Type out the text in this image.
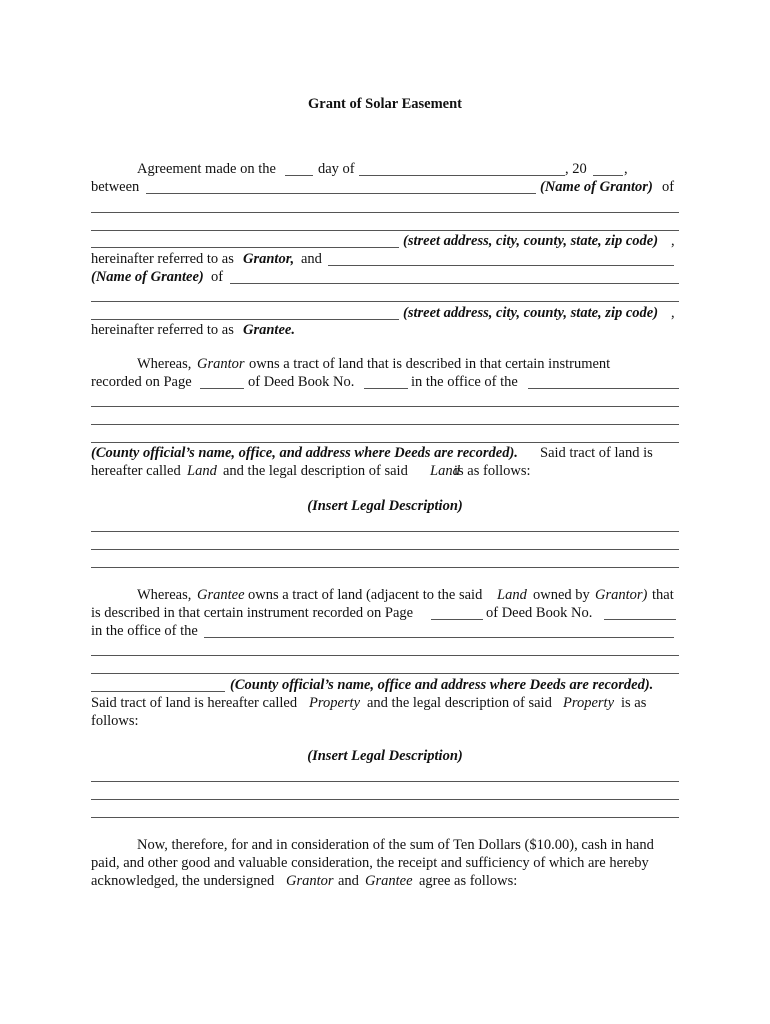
Grant of Solar Easement
Agreement made on the	day of	, 20	,
between	(Name of Grantor) of
(street address, city, county, state, zip code) ,
hereinafter referred to as Grantor, and
(Name of Grantee) of
(street address, city, county, state, zip code) ,
hereinafter referred to as Grantee.
Whereas, Grantor owns a tract of land that is described in that certain instrument
recorded on Page	of Deed Book No.	in the office of the
(County official’s name, office, and address where Deeds are recorded). Said tract of land is
hereafter called Land and the legal description of said Land
is as follows:
(Insert Legal Description)
Whereas, Grantee owns a tract of land (adjacent to the said Land owned by Grantor) that
is described in that certain instrument recorded on Page	of Deed Book No.
in the office of the
(County official’s name, office and address where Deeds are recorded).
Said tract of land is hereafter called Property and the legal description of said Property is as
follows:
(Insert Legal Description)
Now, therefore, for and in consideration of the sum of Ten Dollars ($10.00), cash in hand
paid, and other good and valuable consideration, the receipt and sufficiency of which are hereby
acknowledged, the undersigned Grantor and Grantee agree as follows:
